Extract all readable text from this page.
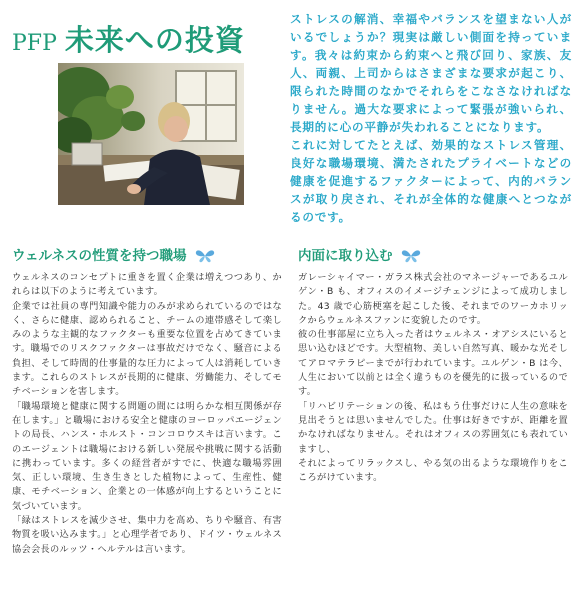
PFP 未来への投資

ストレスの解消、幸福やバランスを望まない人がいるでしょうか？現実は厳しい側面を持っています。我々は約束から約束へと飛び回り、家族、友人、両親、上司からはさまざまな要求が起こり、限られた時間のなかでそれらをこなさなければなりません。過大な要求によって緊張が強いられ、長期的に心の平静が失われることになります。

これに対してたとえば、効果的なストレス管理、良好な職場環境、満たされたプライベートなどの健康を促進するファクターによって、内的バランスが取り戻され、それが全体的な健康へとつながるのです。

ウェルネスの性質を持つ職場

ウェルネスのコンセプトに重きを置く企業は増えつつあり、かれらは以下のように考えています。

企業では社員の専門知識や能力のみが求められているのではなく、さらに健康、認められること、チームの連帯感そして楽しみのような主観的なファクターも重要な位置を占めてきています。職場でのリスクファクターは事故だけでなく、騒音による負担、そして時間的仕事量的な圧力によって人は消耗していきます。これらのストレスが長期的に健康、労働能力、そしてモチベーションを害します。

「職場環境と健康に関する問題の間には明らかな相互関係が存在します。」と職場における安全と健康のヨーロッパエージェントの局長、ハンス・ホルスト・コンコロウスキは言います。このエージェントは職場における新しい発展や挑戦に関する活動に携わっています。多くの経営者がすでに、快適な職場雰囲気、正しい環境、生き生きとした植物によって、生産性、健康、モチベーション、企業との一体感が向上するということに気づいています。

「緑はストレスを減少させ、集中力を高め、ちりや騒音、有害物質を吸い込みます。」と心理学者であり、ドイツ・ウェルネス協会会長のルッツ・ヘルテルは言います。

内面に取り込む

ガレーシャイマー・ガラス株式会社のマネージャーであるユルゲン・B も、オフィスのイメージチェンジによって成功しました。43 歳で心筋梗塞を起こした後、それまでのワーカホリックからウェルネスファンに変貌したのです。

彼の仕事部屋に立ち入った者はウェルネス・オアシスにいると思い込むほどです。大型植物、美しい自然写真、暖かな光そしてアロマテラピーまでが行われています。ユルゲン・B は今、人生において以前とは全く違うものを優先的に扱っているのです。

「リハビリテーションの後、私はもう仕事だけに人生の意味を見出そうとは思いませんでした。仕事は好きですが、距離を置かなければなりません。それはオフィスの雰囲気にも表れていますし、

それによってリラックスし、やる気の出るような環境作りをこころがけています。
